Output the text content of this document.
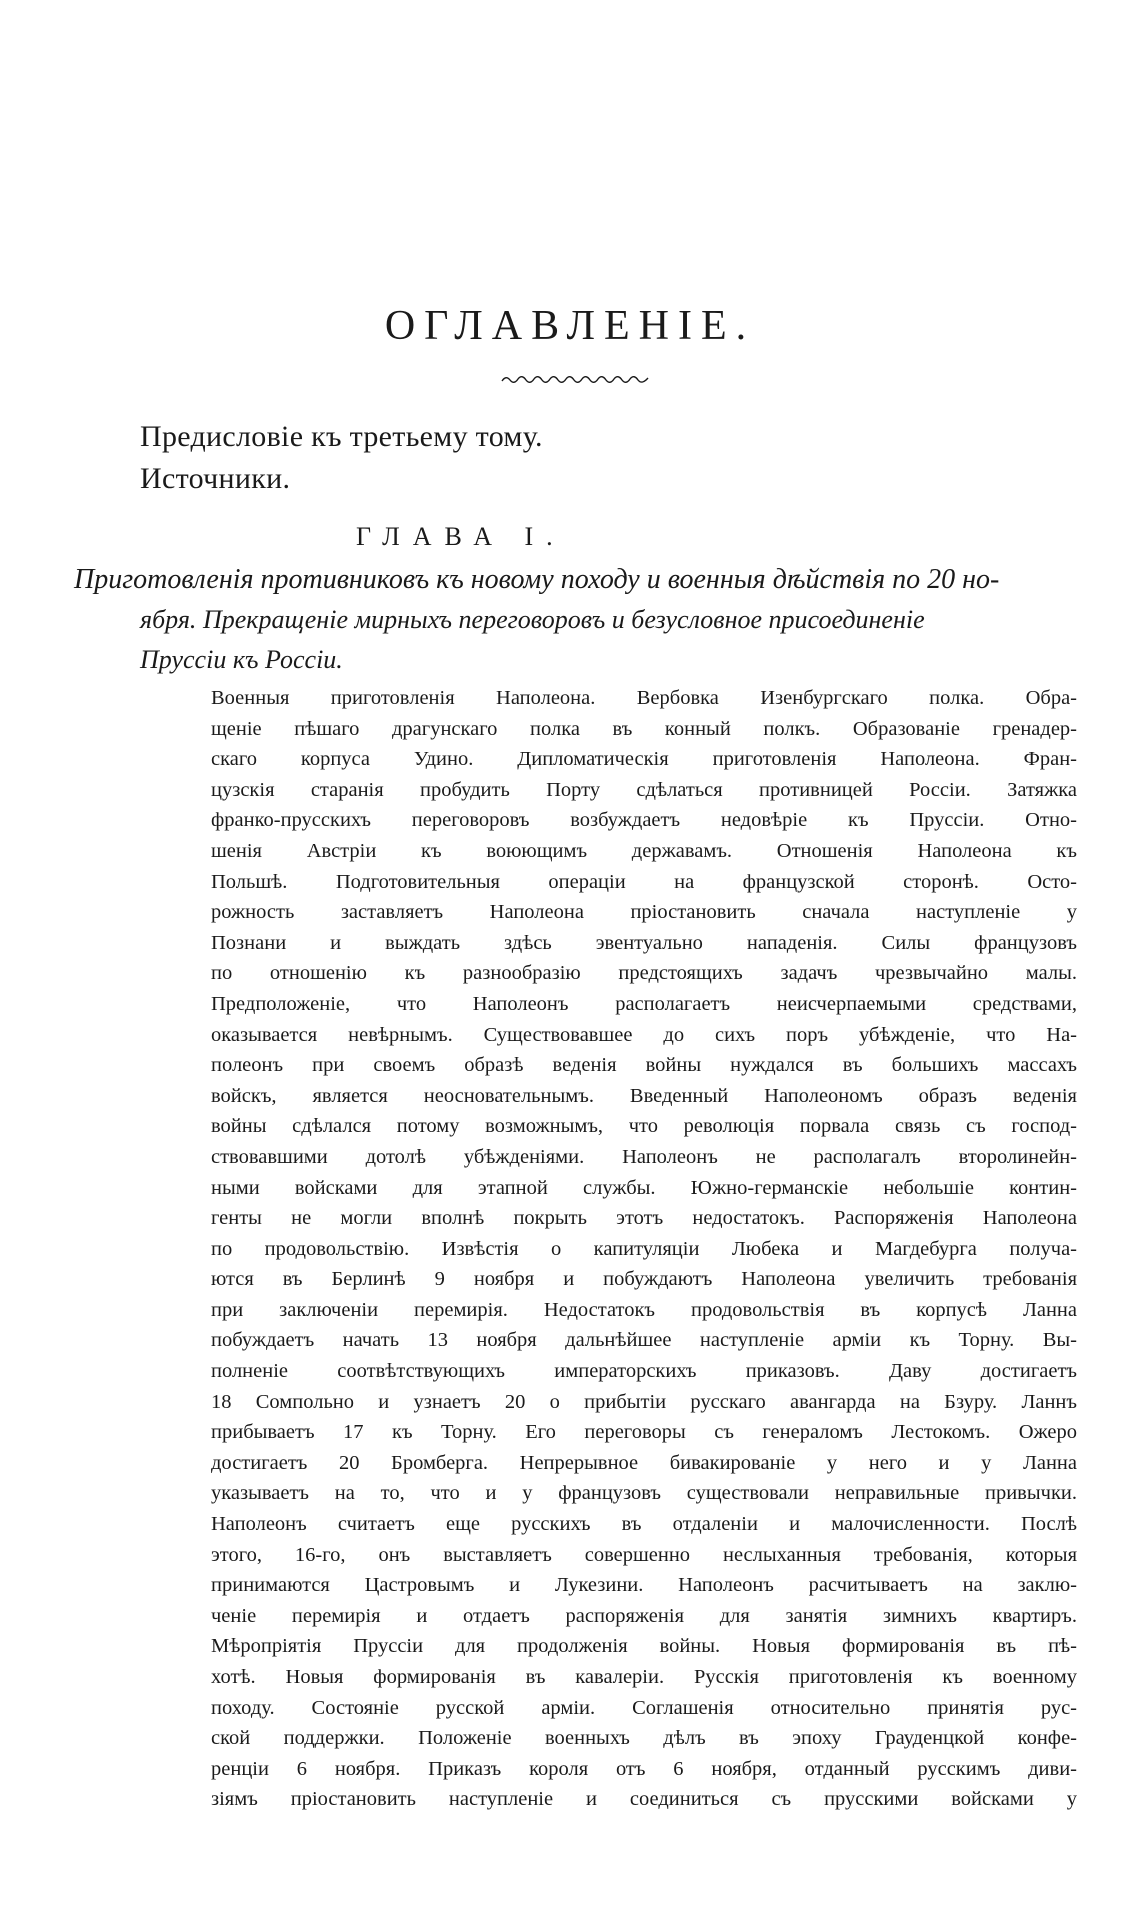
ОГЛАВЛЕНІЕ.
Предисловіе къ третьему тому.
Источники.
ГЛАВА I.
Приготовленія противниковъ къ новому походу и военныя дѣйствія по 20 но-
ября. Прекращеніе мирныхъ переговоровъ и безусловное присоединеніе
Пруссіи къ Россіи.
Военныя приготовленія Наполеона. Вербовка Изенбургскаго полка. Обра-
щеніе пѣшаго драгунскаго полка въ конный полкъ. Образованіе гренадер-
скаго корпуса Удино. Дипломатическія приготовленія Наполеона. Фран-
цузскія старанія пробудить Порту сдѣлаться противницей Россіи. Затяжка
франко-прусскихъ переговоровъ возбуждаетъ недовѣріе къ Пруссіи. Отно-
шенія Австріи къ воюющимъ державамъ. Отношенія Наполеона къ
Польшѣ. Подготовительныя операціи на французской сторонѣ. Осто-
рожность заставляетъ Наполеона пріостановить сначала наступленіе у
Познани и выждать здѣсь эвентуально нападенія. Силы французовъ
по отношенію къ разнообразію предстоящихъ задачъ чрезвычайно малы.
Предположеніе, что Наполеонъ располагаетъ неисчерпаемыми средствами,
оказывается невѣрнымъ. Существовавшее до сихъ поръ убѣжденіе, что На-
полеонъ при своемъ образѣ веденія войны нуждался въ большихъ массахъ
войскъ, является неосновательнымъ. Введенный Наполеономъ образъ веденія
войны сдѣлался потому возможнымъ, что революція порвала связь съ господ-
ствовавшими дотолѣ убѣжденіями. Наполеонъ не располагалъ второлинейн-
ными войсками для этапной службы. Южно-германскіе небольшіе контин-
генты не могли вполнѣ покрыть этотъ недостатокъ. Распоряженія Наполеона
по продовольствію. Извѣстія о капитуляціи Любека и Магдебурга получа-
ются въ Берлинѣ 9 ноября и побуждаютъ Наполеона увеличить требованія
при заключеніи перемирія. Недостатокъ продовольствія въ корпусѣ Ланна
побуждаетъ начать 13 ноября дальнѣйшее наступленіе арміи къ Торну. Вы-
полненіе соотвѣтствующихъ императорскихъ приказовъ. Даву достигаетъ
18 Сомпольно и узнаетъ 20 о прибытіи русскаго авангарда на Бзуру. Ланнъ
прибываетъ 17 къ Торну. Его переговоры съ генераломъ Лестокомъ. Ожеро
достигаетъ 20 Бромберга. Непрерывное бивакированіе у него и у Ланна
указываетъ на то, что и у французовъ существовали неправильные привычки.
Наполеонъ считаетъ еще русскихъ въ отдаленіи и малочисленности. Послѣ
этого, 16-го, онъ выставляетъ совершенно неслыханныя требованія, которыя
принимаются Цастровымъ и Лукезини. Наполеонъ расчитываетъ на заклю-
ченіе перемирія и отдаетъ распоряженія для занятія зимнихъ квартиръ.
Мѣропріятія Пруссіи для продолженія войны. Новыя формированія въ пѣ-
хотѣ. Новыя формированія въ кавалеріи. Русскія приготовленія къ военному
походу. Состояніе русской арміи. Соглашенія относительно принятія рус-
ской поддержки. Положеніе военныхъ дѣлъ въ эпоху Грауденцкой конфе-
ренціи 6 ноября. Приказъ короля отъ 6 ноября, отданный русскимъ диви-
зіямъ пріостановить наступленіе и соединиться съ прусскими войсками у
